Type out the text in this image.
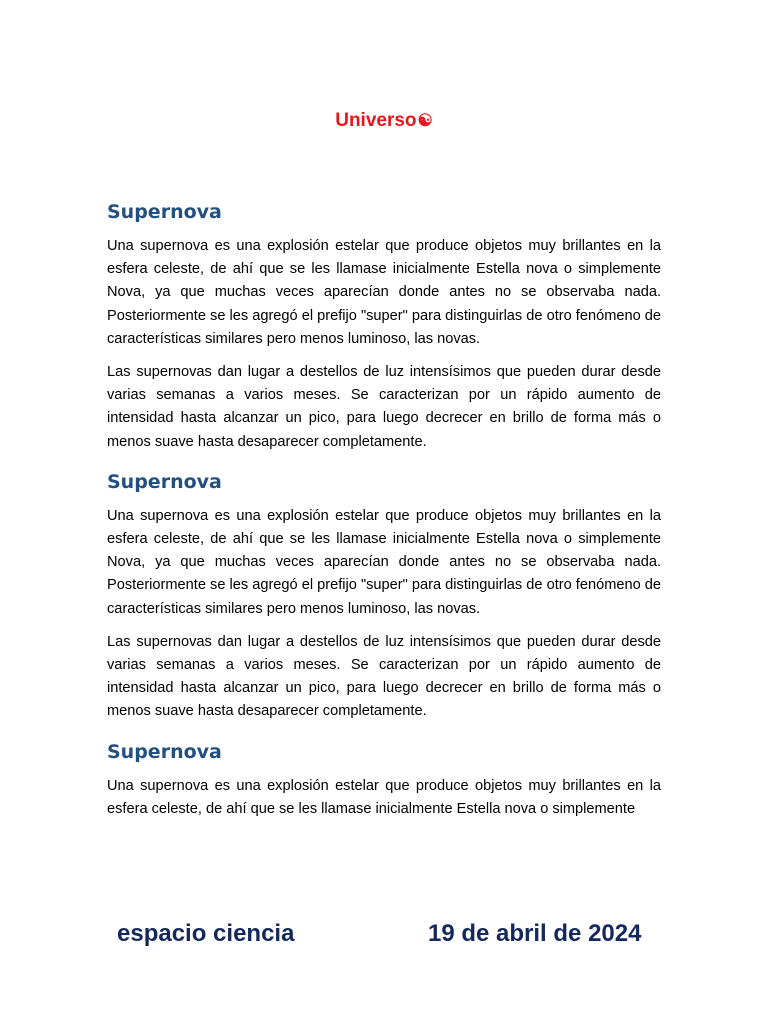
Universo☯
Supernova

Una supernova es una explosión estelar que produce objetos muy brillantes en la esfera celeste, de ahí que se les llamase inicialmente Estella nova o simplemente Nova, ya que muchas veces aparecían donde antes no se observaba nada. Posteriormente se les agregó el prefijo "super" para distinguirlas de otro fenómeno de características similares pero menos luminoso, las novas.

Las supernovas dan lugar a destellos de luz intensísimos que pueden durar desde varias semanas a varios meses. Se caracterizan por un rápido aumento de intensidad hasta alcanzar un pico, para luego decrecer en brillo de forma más o menos suave hasta desaparecer completamente.

Supernova

Una supernova es una explosión estelar que produce objetos muy brillantes en la esfera celeste, de ahí que se les llamase inicialmente Estella nova o simplemente Nova, ya que muchas veces aparecían donde antes no se observaba nada. Posteriormente se les agregó el prefijo "super" para distinguirlas de otro fenómeno de características similares pero menos luminoso, las novas.

Las supernovas dan lugar a destellos de luz intensísimos que pueden durar desde varias semanas a varios meses. Se caracterizan por un rápido aumento de intensidad hasta alcanzar un pico, para luego decrecer en brillo de forma más o menos suave hasta desaparecer completamente.

Supernova

Una supernova es una explosión estelar que produce objetos muy brillantes en la esfera celeste, de ahí que se les llamase inicialmente Estella nova o simplemente

espacio ciencia	19 de abril de 2024
